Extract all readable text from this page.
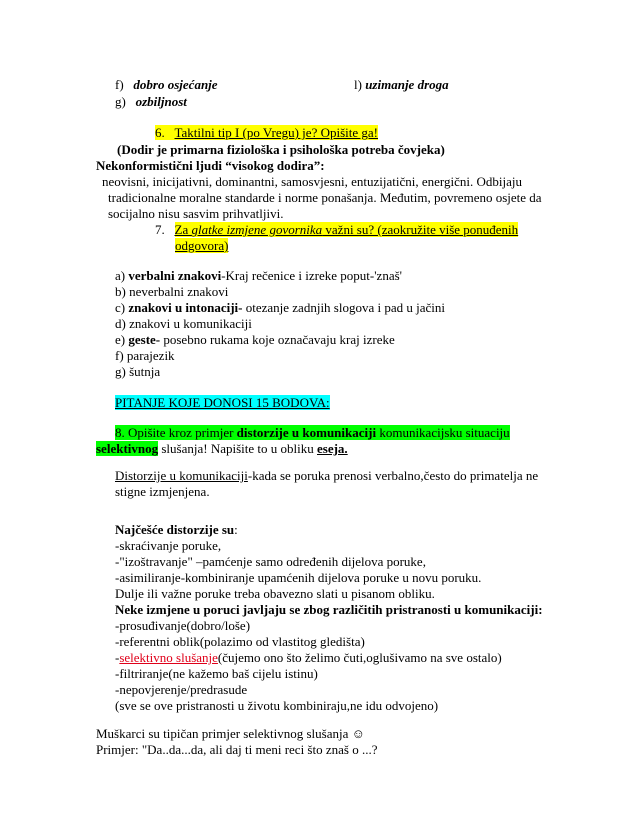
f) dobro osjećanje	l) uzimanje droga
g) ozbiljnost
6. Taktilni tip I (po Vregu) je? Opišite ga!
(Dodir je primarna fiziološka i psihološka potreba čovjeka)
Nekonformistični ljudi “visokog dodira”:
neovisni, inicijativni, dominantni, samosvjesni, entuzijatični, energični. Odbijaju
tradicionalne moralne standarde i norme ponašanja. Međutim, povremeno osjete da
socijalno nisu sasvim prihvatljivi.
7. Za glatke izmjene govornika važni su? (zaokružite više ponuđenih
odgovora)
a) verbalni znakovi-Kraj rečenice i izreke poput-'znaš'
b) neverbalni znakovi
c) znakovi u intonaciji- otezanje zadnjih slogova i pad u jačini
d) znakovi u komunikaciji
e) geste- posebno rukama koje označavaju kraj izreke
f) parajezik
g) šutnja
PITANJE KOJE DONOSI 15 BODOVA:
8. Opišite kroz primjer distorzije u komunikaciji komunikacijsku situaciju
selektivnog slušanja! Napišite to u obliku eseja.
Distorzije u komunikaciji-kada se poruka prenosi verbalno,često do primatelja ne
stigne izmjenjena.
Najčešće distorzije su:
-skraćivanje poruke,
-"izoštravanje" –pamćenje samo određenih dijelova poruke,
-asimiliranje-kombiniranje upamćenih dijelova poruke u novu poruku.
Dulje ili važne poruke treba obavezno slati u pisanom obliku.
Neke izmjene u poruci javljaju se zbog različitih pristranosti u komunikaciji:
-prosuđivanje(dobro/loše)
-referentni oblik(polazimo od vlastitog gledišta)
-selektivno slušanje(čujemo ono što želimo čuti,oglušivamo na sve ostalo)
-filtriranje(ne kažemo baš cijelu istinu)
-nepovjerenje/predrasude
(sve se ove pristranosti u životu kombiniraju,ne idu odvojeno)
Muškarci su tipičan primjer selektivnog slušanja ☺
Primjer: "Da..da...da, ali daj ti meni reci što znaš o ...?
